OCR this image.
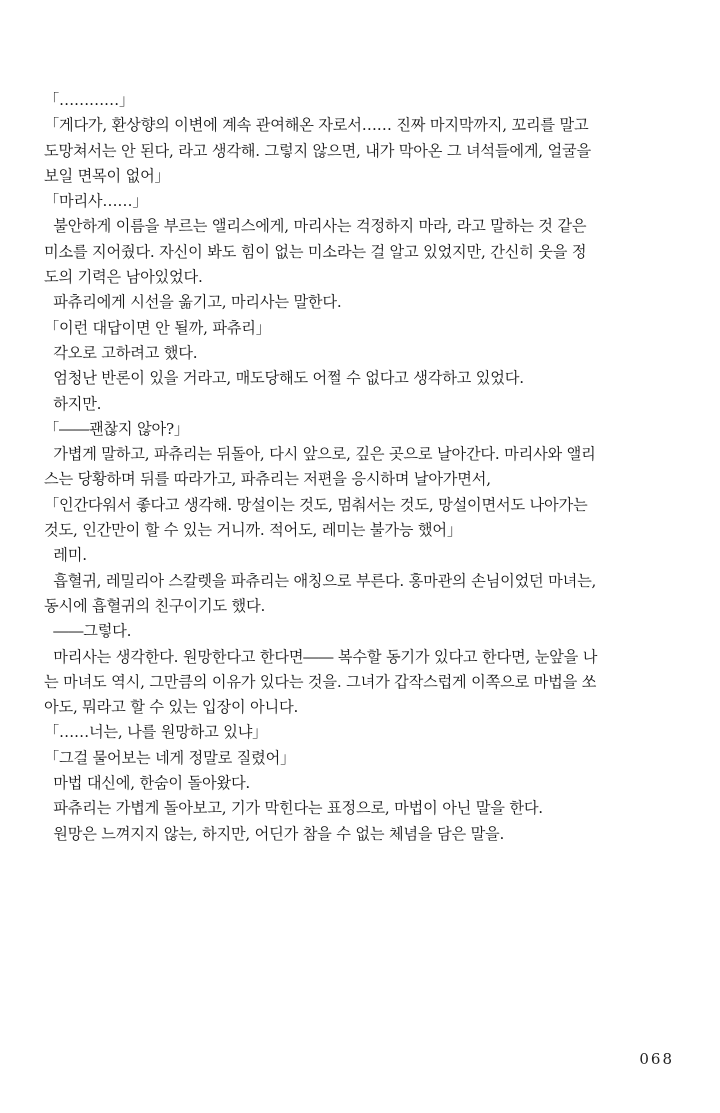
「…………」
「게다가, 환상향의 이변에 계속 관여해온 자로서…… 진짜 마지막까지, 꼬리를 말고
도망쳐서는 안 된다, 라고 생각해. 그렇지 않으면, 내가 막아온 그 녀석들에게, 얼굴을
보일 면목이 없어」
「마리사……」
불안하게 이름을 부르는 앨리스에게, 마리사는 걱정하지 마라, 라고 말하는 것 같은
미소를 지어줬다. 자신이 봐도 힘이 없는 미소라는 걸 알고 있었지만, 간신히 웃을 정
도의 기력은 남아있었다.
파츄리에게 시선을 옮기고, 마리사는 말한다.
「이런 대답이면 안 될까, 파츄리」
각오로 고하려고 했다.
엄청난 반론이 있을 거라고, 매도당해도 어쩔 수 없다고 생각하고 있었다.
하지만.
「――괜찮지 않아?」
가볍게 말하고, 파츄리는 뒤돌아, 다시 앞으로, 깊은 곳으로 날아간다. 마리사와 앨리
스는 당황하며 뒤를 따라가고, 파츄리는 저편을 응시하며 날아가면서,
「인간다워서 좋다고 생각해. 망설이는 것도, 멈춰서는 것도, 망설이면서도 나아가는
것도, 인간만이 할 수 있는 거니까. 적어도, 레미는 불가능 했어」
레미.
흡혈귀, 레밀리아 스칼렛을 파츄리는 애칭으로 부른다. 홍마관의 손님이었던 마녀는,
동시에 흡혈귀의 친구이기도 했다.
――그렇다.
마리사는 생각한다. 원망한다고 한다면―― 복수할 동기가 있다고 한다면, 눈앞을 나
는 마녀도 역시, 그만큼의 이유가 있다는 것을. 그녀가 갑작스럽게 이쪽으로 마법을 쏘
아도, 뭐라고 할 수 있는 입장이 아니다.
「……너는, 나를 원망하고 있냐」
「그걸 물어보는 네게 정말로 질렸어」
마법 대신에, 한숨이 돌아왔다.
파츄리는 가볍게 돌아보고, 기가 막힌다는 표정으로, 마법이 아닌 말을 한다.
원망은 느껴지지 않는, 하지만, 어딘가 참을 수 없는 체념을 담은 말을.
068
